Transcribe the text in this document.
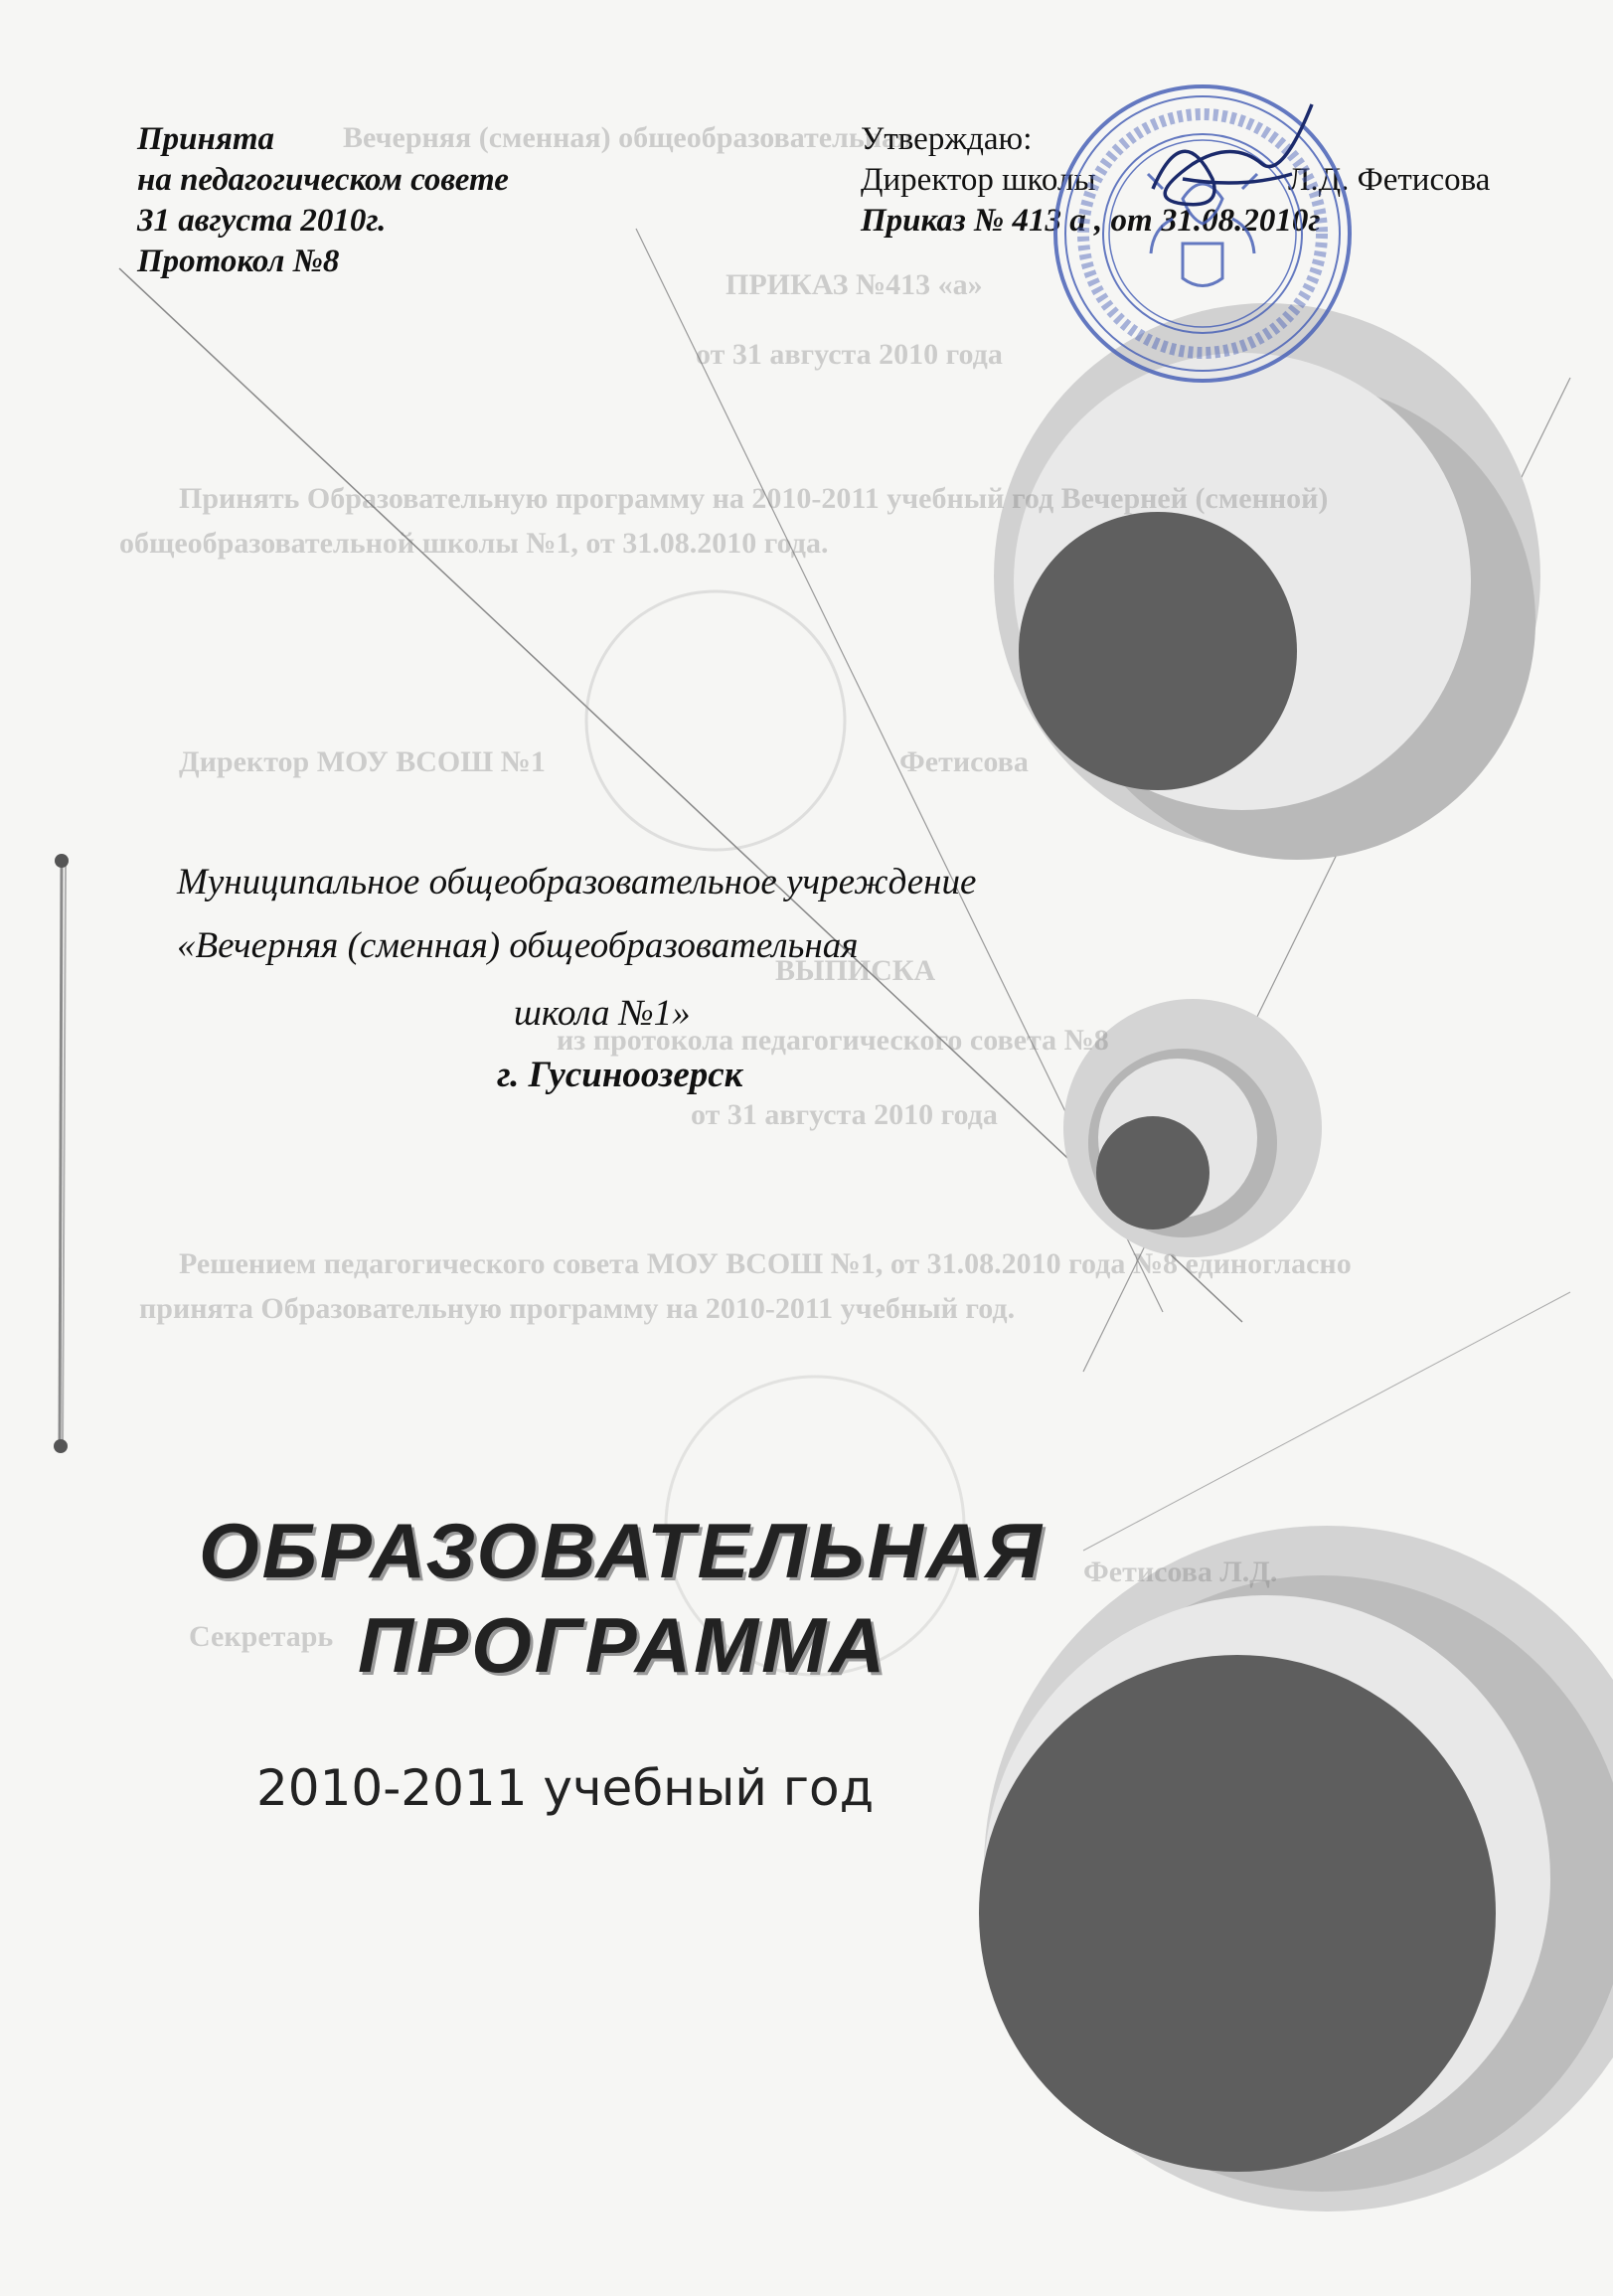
Вечерняя (сменная) общеобразовательная
ПРИКАЗ №413 «а»
от 31 августа 2010 года
Принять Образовательную программу на 2010-2011 учебный год Вечерней (сменной)
общеобразовательной школы №1, от 31.08.2010 года.
Директор МОУ ВСОШ №1	Фетисова
ВЫПИСКА
из протокола педагогического совета №8
от 31 августа 2010 года
Решением педагогического совета МОУ ВСОШ №1, от 31.08.2010 года №8 единогласно
принята Образовательную программу на 2010-2011 учебный год.
Секретарь
Фетисова Л.Д.
Принята
на педагогическом совете
31 августа 2010г.
Протокол №8
Утверждаю:
Директор школы	Л.Д. Фетисова
Приказ № 413 а , от 31.08.2010г
Муниципальное общеобразовательное учреждение
«Вечерняя (сменная) общеобразовательная
школа №1»
г. Гусиноозерск
ОБРАЗОВАТЕЛЬНАЯ
ПРОГРАММА
2010-2011 учебный год
